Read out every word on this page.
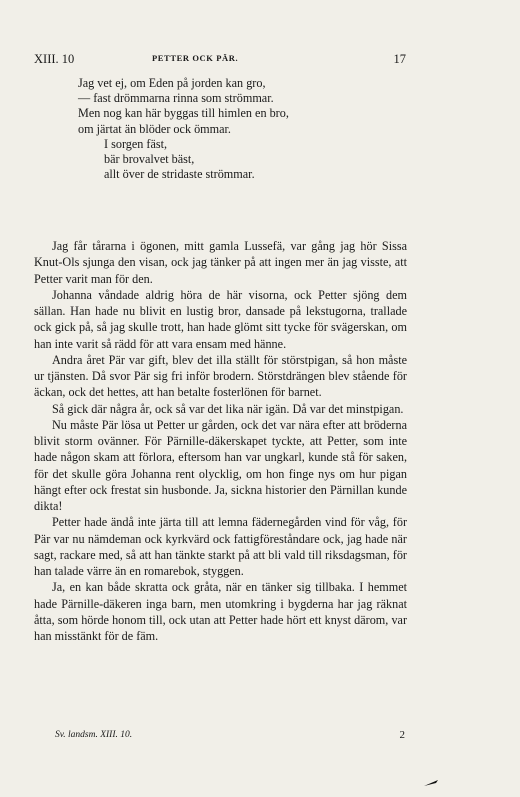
XIII. 10	PETTER OCK PÄR.	17
Jag vet ej, om Eden på jorden kan gro,
— fast drömmarna rinna som strömmar.
Men nog kan här byggas till himlen en bro,
om järtat än blöder ock ömmar.
I sorgen fäst,
bär brovalvet bäst,
allt över de stridaste strömmar.

Jag får tårarna i ögonen, mitt gamla Lussefä, var gång jag hör Sissa Knut-Ols sjunga den visan, ock jag tänker på att ingen mer än jag visste, att Petter varit man för den.

Johanna våndade aldrig höra de här visorna, ock Petter sjöng dem sällan. Han hade nu blivit en lustig bror, dansade på lekstugorna, trallade ock gick på, så jag skulle trott, han hade glömt sitt tycke för svägerskan, om han inte varit så rädd för att vara ensam med hänne.

Andra året Pär var gift, blev det illa ställt för störstpigan, så hon måste ur tjänsten. Då svor Pär sig fri inför brodern. Störstdrängen blev stående för äckan, ock det hettes, att han betalte fosterlönen för barnet.

Så gick där några år, ock så var det lika när igän. Då var det minstpigan.

Nu måste Pär lösa ut Petter ur gården, ock det var nära efter att bröderna blivit storm ovänner. För Pärnille-däkerskapet tyckte, att Petter, som inte hade någon skam att förlora, eftersom han var ungkarl, kunde stå för saken, för det skulle göra Johanna rent olycklig, om hon finge nys om hur pigan hängt efter ock frestat sin husbonde. Ja, sickna historier den Pärnillan kunde dikta!

Petter hade ändå inte järta till att lemna fädernegården vind för våg, för Pär var nu nämdeman ock kyrkvärd ock fattigföreståndare ock, jag hade när sagt, rackare med, så att han tänkte starkt på att bli vald till riksdagsman, för han talade värre än en romarebok, styggen.

Ja, en kan både skratta ock gråta, när en tänker sig tillbaka. I hemmet hade Pärnille-däkeren inga barn, men utomkring i bygderna har jag räknat åtta, som hörde honom till, ock utan att Petter hade hört ett knyst därom, var han misstänkt för de fäm.

Sv. landsm. XIII. 10.	2
